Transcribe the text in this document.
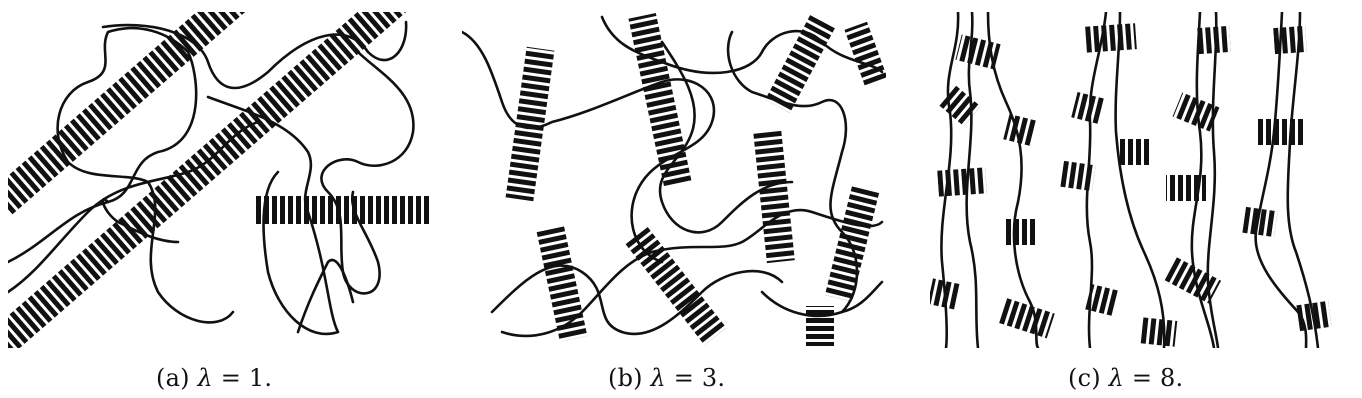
(a) λ = 1.	(b) λ = 3.	(c) λ = 8.
